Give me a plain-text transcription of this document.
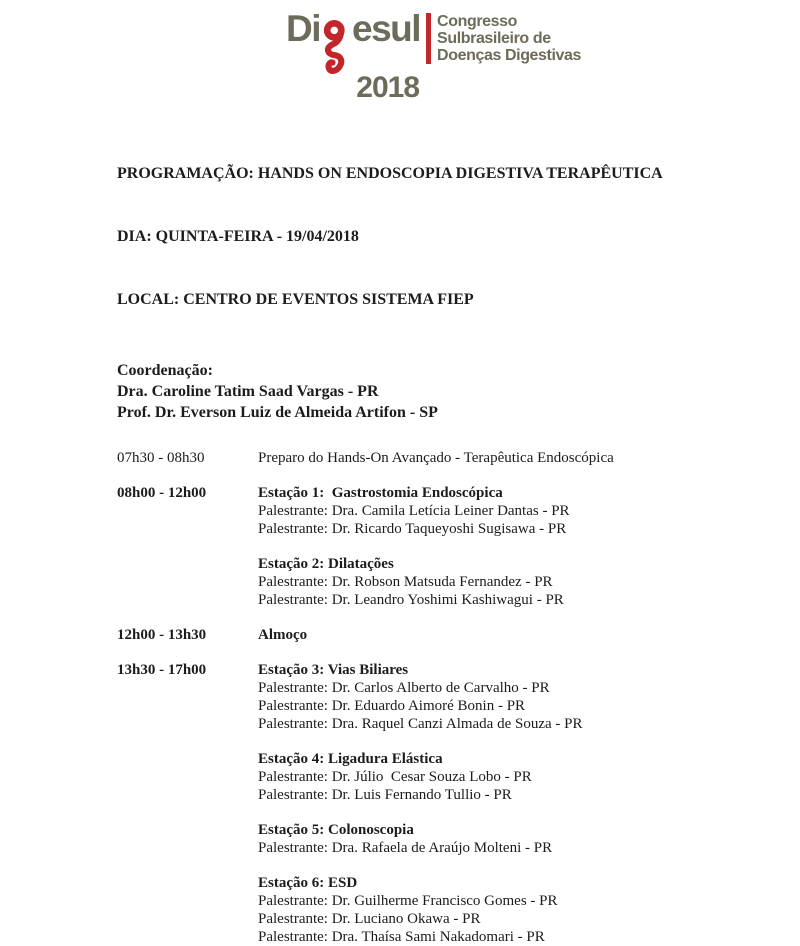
Di esul
2018
Congresso
Sulbrasileiro de
Doenças Digestivas

PROGRAMAÇÃO: HANDS ON ENDOSCOPIA DIGESTIVA TERAPÊUTICA

DIA: QUINTA-FEIRA - 19/04/2018

LOCAL: CENTRO DE EVENTOS SISTEMA FIEP

Coordenação:
Dra. Caroline Tatim Saad Vargas - PR
Prof. Dr. Everson Luiz de Almeida Artifon - SP
07h30 - 08h30	Preparo do Hands-On Avançado - Terapêutica Endoscópica
08h00 - 12h00	Estação 1:  Gastrostomia Endoscópica
Palestrante: Dra. Camila Letícia Leiner Dantas - PR
Palestrante: Dr. Ricardo Taqueyoshi Sugisawa - PR
Estação 2: Dilatações
Palestrante: Dr. Robson Matsuda Fernandez - PR
Palestrante: Dr. Leandro Yoshimi Kashiwagui - PR
12h00 - 13h30	Almoço
13h30 - 17h00	Estação 3: Vias Biliares
Palestrante: Dr. Carlos Alberto de Carvalho - PR
Palestrante: Dr. Eduardo Aimoré Bonin - PR
Palestrante: Dra. Raquel Canzi Almada de Souza - PR
Estação 4: Ligadura Elástica
Palestrante: Dr. Júlio  Cesar Souza Lobo - PR
Palestrante: Dr. Luis Fernando Tullio - PR
Estação 5: Colonoscopia
Palestrante: Dra. Rafaela de Araújo Molteni - PR
Estação 6: ESD
Palestrante: Dr. Guilherme Francisco Gomes - PR
Palestrante: Dr. Luciano Okawa - PR
Palestrante: Dra. Thaísa Sami Nakadomari - PR
